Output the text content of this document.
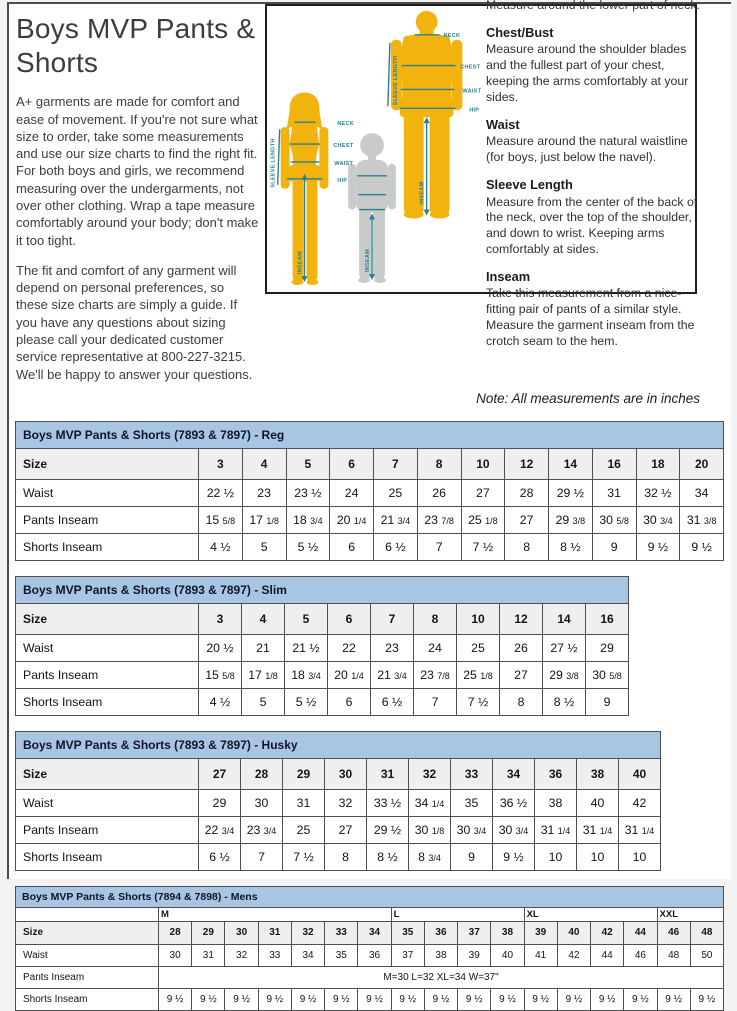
Boys MVP Pants & Shorts

A+ garments are made for comfort and ease of movement. If you're not sure what size to order, take some measurements and use our size charts to find the right fit. For both boys and girls, we recommend measuring over the undergarments, not over other clothing. Wrap a tape measure comfortably around your body; don't make it too tight.

The fit and comfort of any garment will depend on personal preferences, so these size charts are simply a guide. If you have any questions about sizing please call your dedicated customer service representative at 800-227-3215. We'll be happy to answer your questions.

NECK
CHEST
WAIST
HIP
NECK
CHEST
WAIST
HIP
SLEEVE LENGTH
SLEEVE LENGTH
INSEAM	INSEAM
INSEAM
Measure around the lower part of neck.
Chest/Bust

Measure around the shoulder blades and the fullest part of your chest, keeping the arms comfortably at your sides.

Waist

Measure around the natural waistline (for boys, just below the navel).

Sleeve Length

Measure from the center of the back of the neck, over the top of the shoulder, and down to wrist. Keeping arms comfortably at sides.

Inseam

Take this measurement from a nice-fitting pair of pants of a similar style. Measure the garment inseam from the crotch seam to the hem.

Note: All measurements are in inches
Boys MVP Pants & Shorts (7893 & 7897) - Reg												
Size	3	4	5	6	7	8	10	12	14	16	18	20
Waist	22 ½	23	23 ½	24	25	26	27	28	29 ½	31	32 ½	34
Pants Inseam	15 5/8	17 1/8	18 3/4	20 1/4	21 3/4	23 7/8	25 1/8	27	29 3/8	30 5/8	30 3/4	31 3/8
Shorts Inseam	4 ½	5	5 ½	6	6 ½	7	7 ½	8	8 ½	9	9 ½	9 ½
Boys MVP Pants & Shorts (7893 & 7897) - Slim										
Size	3	4	5	6	7	8	10	12	14	16
Waist	20 ½	21	21 ½	22	23	24	25	26	27 ½	29
Pants Inseam	15 5/8	17 1/8	18 3/4	20 1/4	21 3/4	23 7/8	25 1/8	27	29 3/8	30 5/8
Shorts Inseam	4 ½	5	5 ½	6	6 ½	7	7 ½	8	8 ½	9
Boys MVP Pants & Shorts (7893 & 7897) - Husky											
Size	27	28	29	30	31	32	33	34	36	38	40
Waist	29	30	31	32	33 ½	34 1/4	35	36 ½	38	40	42
Pants Inseam	22 3/4	23 3/4	25	27	29 ½	30 1/8	30 3/4	30 3/4	31 1/4	31 1/4	31 1/4
Shorts Inseam	6 ½	7	7 ½	8	8 ½	8 3/4	9	9 ½	10	10	10
Boys MVP Pants & Shorts (7894 & 7898) - Mens																	
	M							L				XL				XXL	
Size	28	29	30	31	32	33	34	35	36	37	38	39	40	42	44	46	48
Waist	30	31	32	33	34	35	36	37	38	39	40	41	42	44	46	48	50
Pants Inseam	M=30 L=32 XL=34 W=37"																
Shorts Inseam	9 ½	9 ½	9 ½	9 ½	9 ½	9 ½	9 ½	9 ½	9 ½	9 ½	9 ½	9 ½	9 ½	9 ½	9 ½	9 ½	9 ½
